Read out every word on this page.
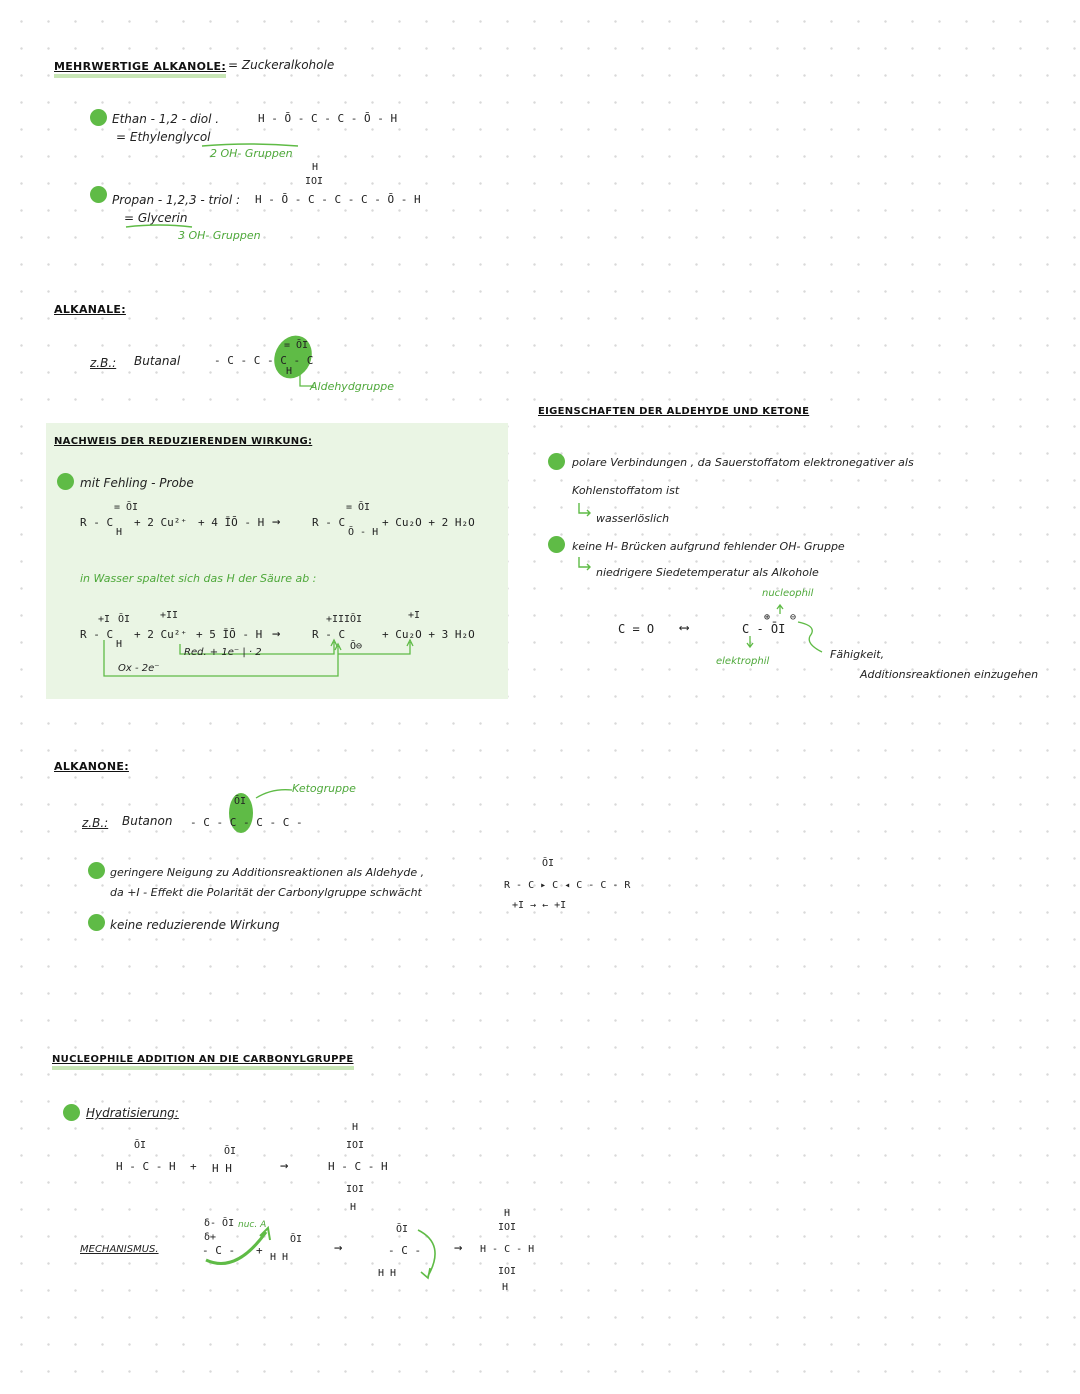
MEHRWERTIGE ALKANOLE: = Zuckeralkohole
Ethan - 1,2 - diol .
= Ethylenglycol
2 OH- Gruppen
H - Ō - C - C - Ō - H
Propan - 1,2,3 - triol :
= Glycerin
3 OH- Gruppen
H
IOI
H - Ō - C - C - C - Ō - H
ALKANALE:
z.B.: Butanal	- C - C - C - C
= ŌI
H
Aldehydgruppe
NACHWEIS DER REDUZIERENDEN WIRKUNG:
mit Fehling - Probe
R - C
= ŌI
H
+ 2 Cu²⁺ + 4 ĪŌ - H →	R - C
= ŌI
Ō - H
+ Cu₂O + 2 H₂O
in Wasser spaltet sich das H der Säure ab :
+I	+II	+III	+I
R - C
ŌI
H
+ 2 Cu²⁺ + 5 ĪŌ - H →	R - C
ŌI
Ō⊖
+ Cu₂O + 3 H₂O
Red. + 1e⁻ | · 2
Ox - 2e⁻
EIGENSCHAFTEN DER ALDEHYDE UND KETONE
polare Verbindungen , da Sauerstoffatom elektronegativer als
Kohlenstoffatom ist
wasserlöslich
keine H- Brücken aufgrund fehlender OH- Gruppe
niedrigere Siedetemperatur als Alkohole
nucleophil
⊕ ⊖
C = O ⟷	C - ŌI
elektrophil
Fähigkeit,
Additionsreaktionen einzugehen
ALKANONE:
z.B.: Butanon - C - C - C - C -
ŌI
Ketogruppe
geringere Neigung zu Additionsreaktionen als Aldehyde ,
da +I - Effekt die Polarität der Carbonylgruppe schwächt
keine reduzierende Wirkung
ŌI
R - C ▸ C ◂ C - C - R
+I → ← +I
NUCLEOPHILE ADDITION AN DIE CARBONYLGRUPPE
Hydratisierung:
ŌI
H - C - H +
ŌI
H H	→
H
IOI
H - C - H
IOI
H
MECHANISMUS.
δ- ŌI
δ+
- C -
nuc. A
+
ŌI
H H
→
ŌI
- C -
H H
→
H
IOI
H - C - H
IOI
H
